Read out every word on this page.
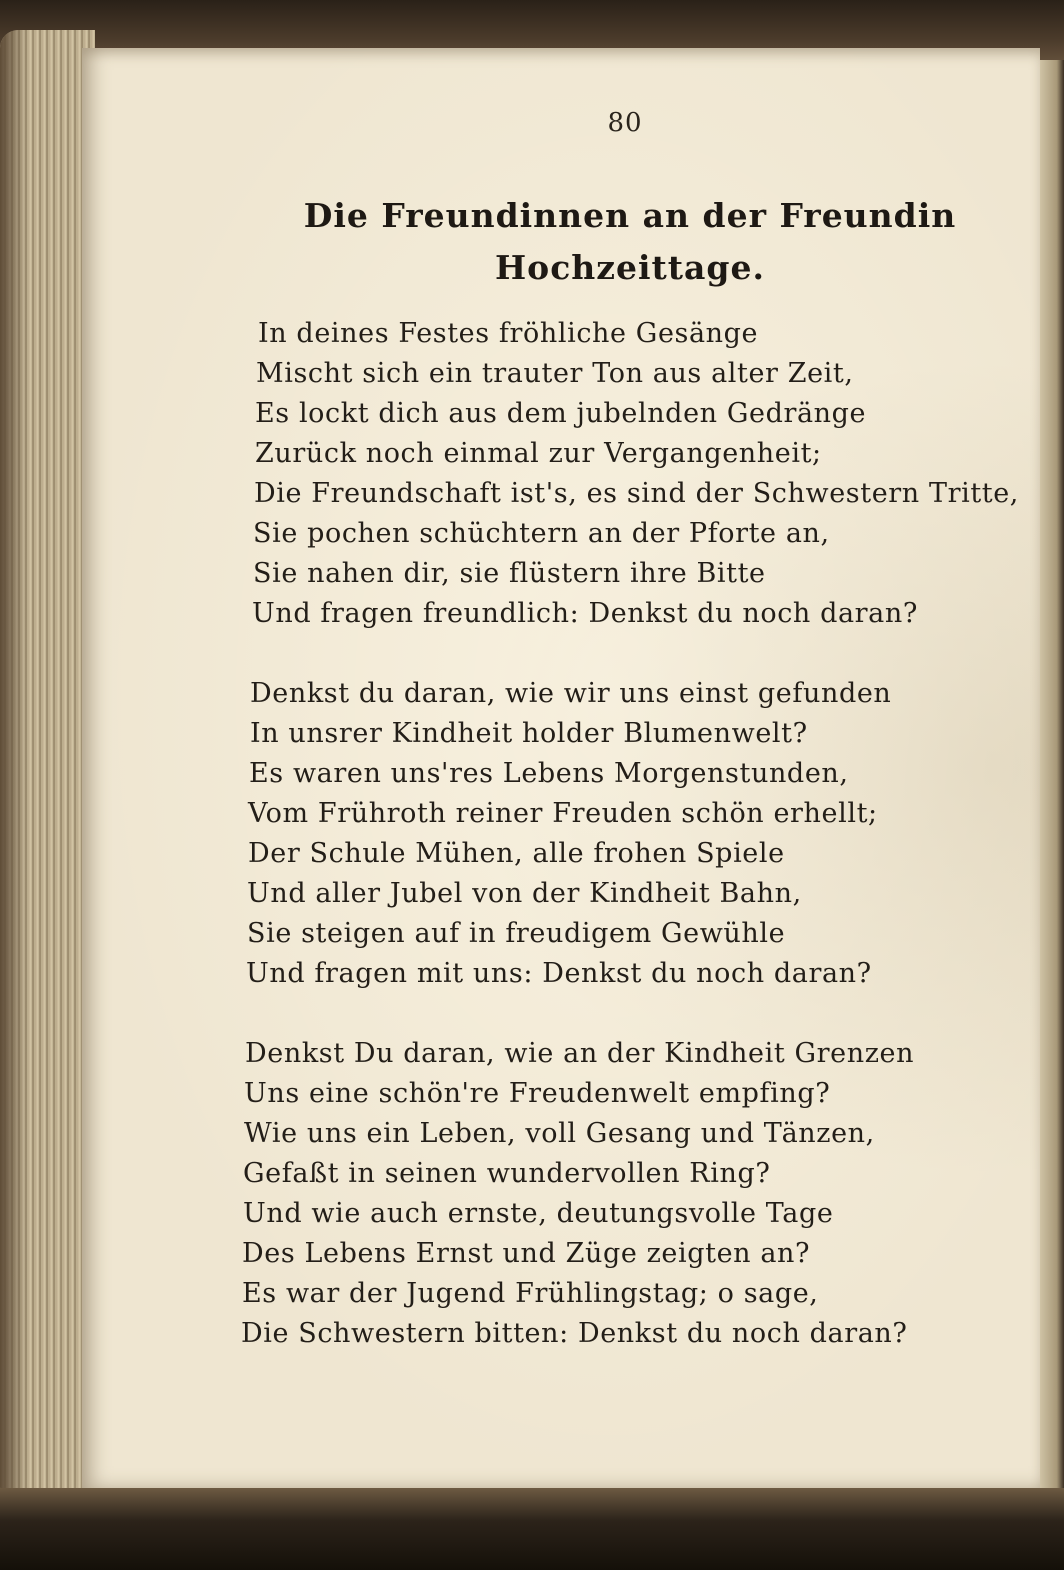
80
Die Freundinnen an der Freundin Hochzeittage.
In deines Festes fröhliche Gesänge
Mischt sich ein trauter Ton aus alter Zeit,
Es lockt dich aus dem jubelnden Gedränge
Zurück noch einmal zur Vergangenheit;
Die Freundschaft ist's, es sind der Schwestern Tritte,
Sie pochen schüchtern an der Pforte an,
Sie nahen dir, sie flüstern ihre Bitte
Und fragen freundlich: Denkst du noch daran?
Denkst du daran, wie wir uns einst gefunden
In unsrer Kindheit holder Blumenwelt?
Es waren uns'res Lebens Morgenstunden,
Vom Frühroth reiner Freuden schön erhellt;
Der Schule Mühen, alle frohen Spiele
Und aller Jubel von der Kindheit Bahn,
Sie steigen auf in freudigem Gewühle
Und fragen mit uns: Denkst du noch daran?
Denkst Du daran, wie an der Kindheit Grenzen
Uns eine schön're Freudenwelt empfing?
Wie uns ein Leben, voll Gesang und Tänzen,
Gefaßt in seinen wundervollen Ring?
Und wie auch ernste, deutungsvolle Tage
Des Lebens Ernst und Züge zeigten an?
Es war der Jugend Frühlingstag; o sage,
Die Schwestern bitten: Denkst du noch daran?
